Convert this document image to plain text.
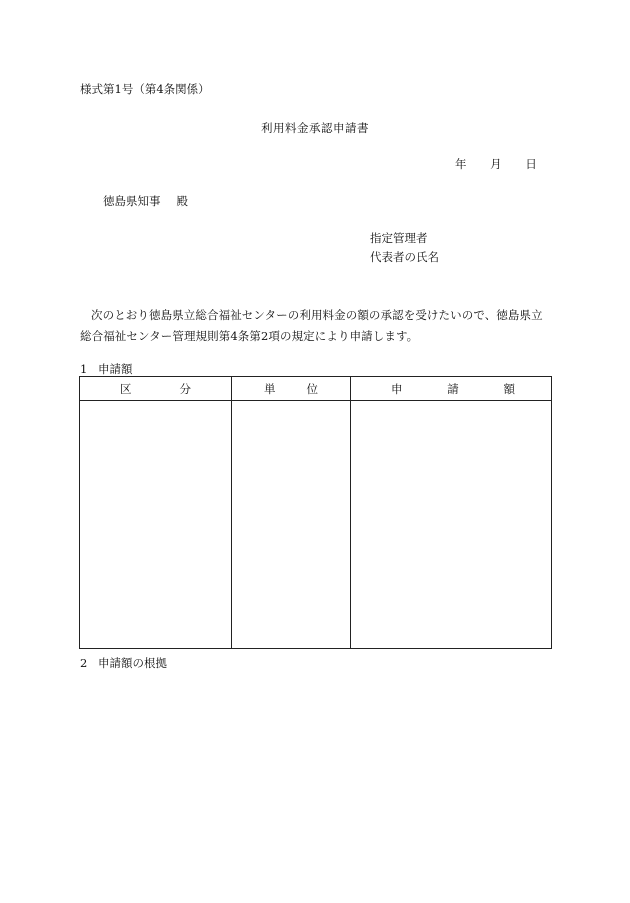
様式第1号（第4条関係）
利用料金承認申請書
年 月 日
徳島県知事 殿
指定管理者
代表者の氏名
次のとおり徳島県立総合福祉センターの利用料金の額の承認を受けたいので、徳島県立総合福祉センター管理規則第4条第2項の規定により申請します。
1 申請額
区 分	単 位	申 請 額

2 申請額の根拠
